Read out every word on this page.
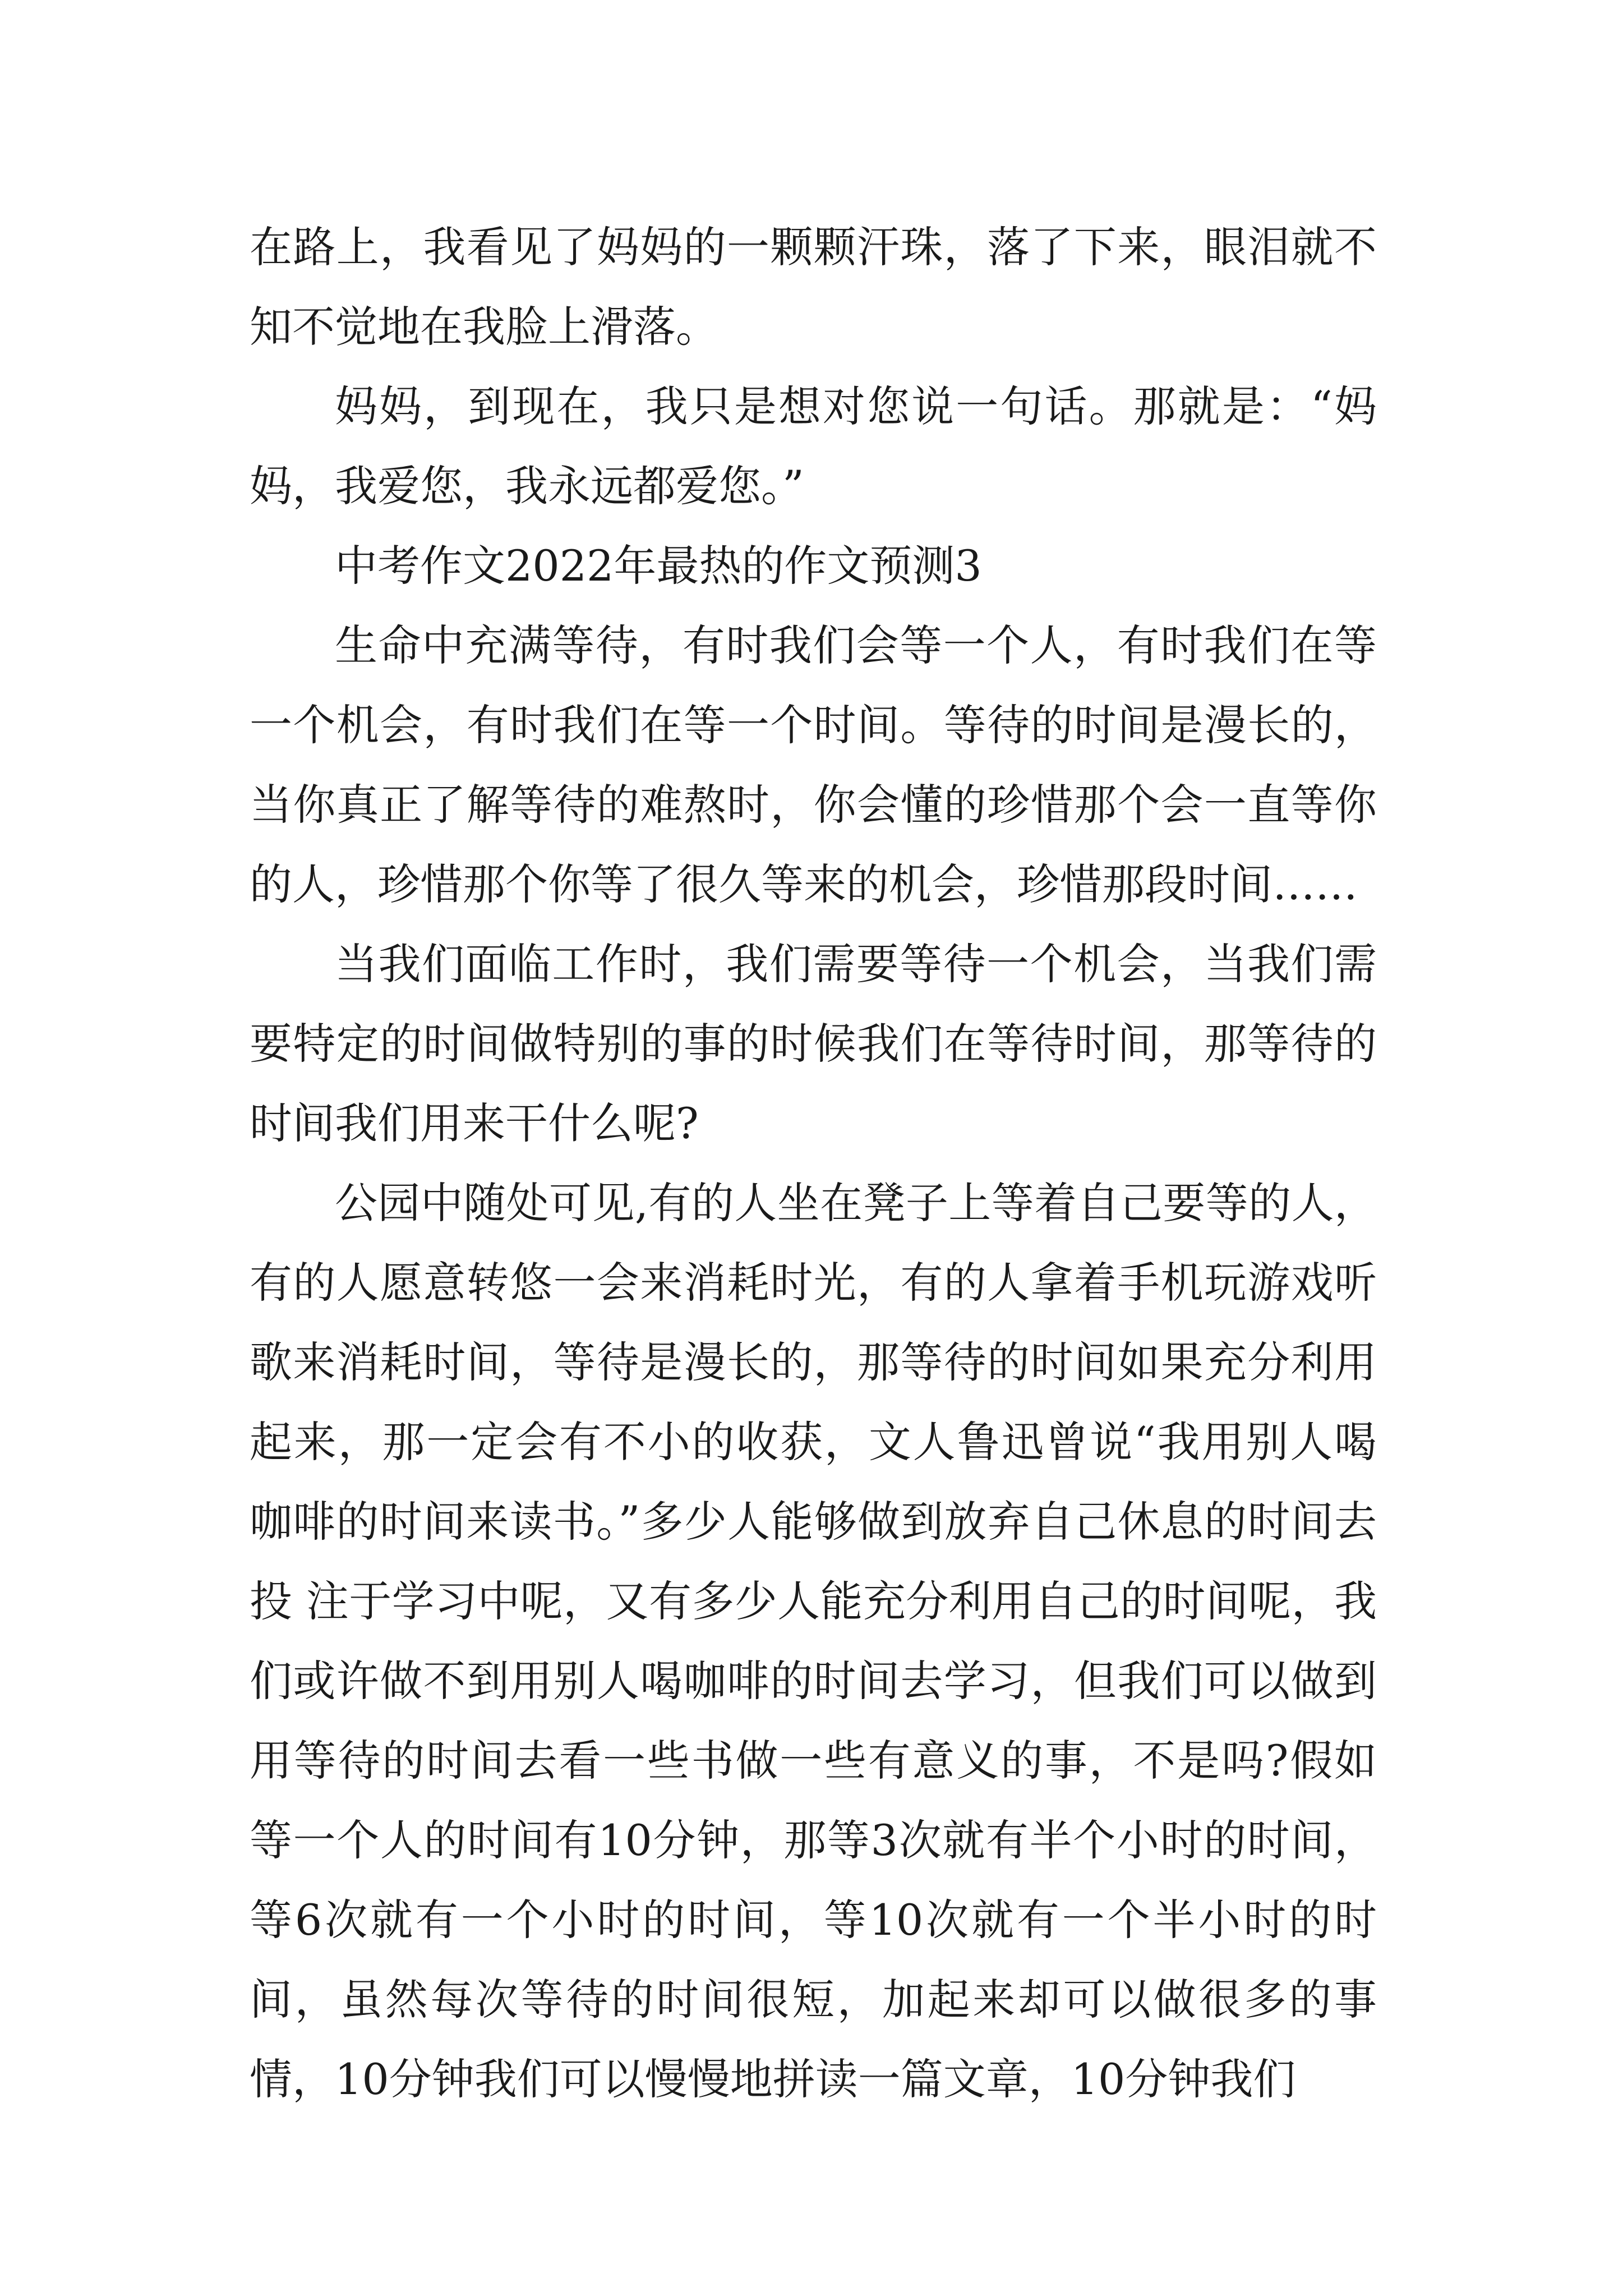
在路上，我看见了妈妈的一颗颗汗珠，落了下来，眼泪就不知不觉地在我脸上滑落。

妈妈，到现在，我只是想对您说一句话。那就是：“妈妈，我爱您，我永远都爱您。”

中考作文2022年最热的作文预测3

生命中充满等待，有时我们会等一个人，有时我们在等一个机会，有时我们在等一个时间。等待的时间是漫长的，当你真正了解等待的难熬时，你会懂的珍惜那个会一直等你的人，珍惜那个你等了很久等来的机会，珍惜那段时间……

当我们面临工作时，我们需要等待一个机会，当我们需要特定的时间做特别的事的时候我们在等待时间，那等待的时间我们用来干什么呢?

公园中随处可见,有的人坐在凳子上等着自己要等的人，有的人愿意转悠一会来消耗时光，有的人拿着手机玩游戏听歌来消耗时间，等待是漫长的，那等待的时间如果充分利用起来，那一定会有不小的收获，文人鲁迅曾说“我用别人喝咖啡的时间来读书。”多少人能够做到放弃自己休息的时间去投 注于学习中呢，又有多少人能充分利用自己的时间呢，我们或许做不到用别人喝咖啡的时间去学习，但我们可以做到用等待的时间去看一些书做一些有意义的事，不是吗?假如等一个人的时间有10分钟，那等3次就有半个小时的时间，等6次就有一个小时的时间，等10次就有一个半小时的时间，虽然每次等待的时间很短，加起来却可以做很多的事情，10分钟我们可以慢慢地拼读一篇文章，10分钟我们
